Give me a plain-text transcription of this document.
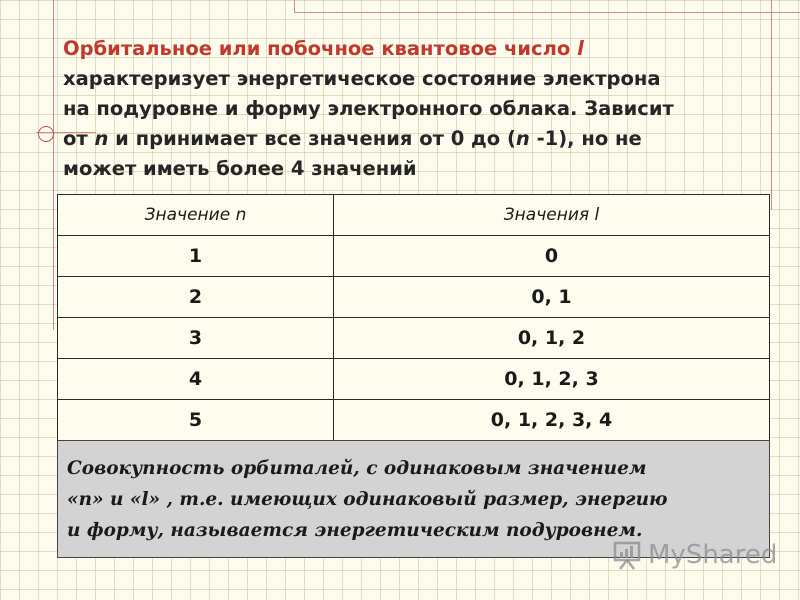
Орбитальное или побочное квантовое число l
характеризует энергетическое состояние электрона
на подуровне и форму электронного облака. Зависит
от n и принимает все значения от 0 до (n -1), но не
может иметь более 4 значений
Значение n	Значения l
1	0
2	0, 1
3	0, 1, 2
4	0, 1, 2, 3
5	0, 1, 2, 3, 4
Совокупность орбиталей, с одинаковым значением
«n» и «l» , т.е. имеющих одинаковый размер, энергию
и форму, называется энергетическим подуровнем.
MyShared
